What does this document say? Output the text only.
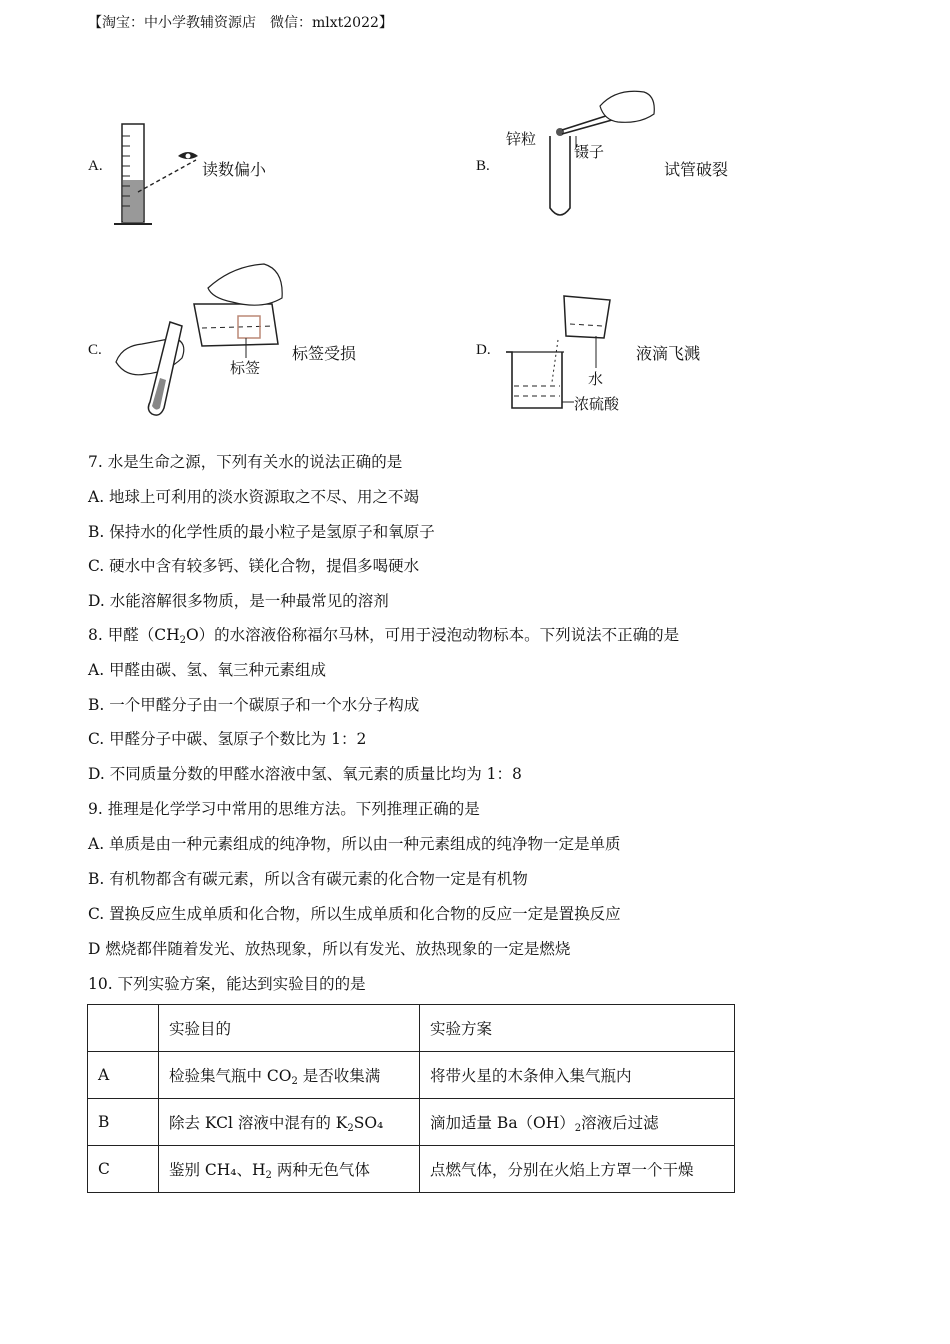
【淘宝：中小学教辅资源店　微信：mlxt2022】
A.	读数偏小	B.
锌粒
镊子
试管破裂
C.
标签
标签受损	D.
水
浓硫酸
液滴飞溅
7. 水是生命之源，下列有关水的说法正确的是
A. 地球上可利用的淡水资源取之不尽、用之不竭
B. 保持水的化学性质的最小粒子是氢原子和氧原子
C. 硬水中含有较多钙、镁化合物，提倡多喝硬水
D. 水能溶解很多物质，是一种最常见的溶剂
8. 甲醛（CH2O）的水溶液俗称福尔马林，可用于浸泡动物标本。下列说法不正确的是
A. 甲醛由碳、氢、氧三种元素组成
B. 一个甲醛分子由一个碳原子和一个水分子构成
C. 甲醛分子中碳、氢原子个数比为 1：2
D. 不同质量分数的甲醛水溶液中氢、氧元素的质量比均为 1：8
9. 推理是化学学习中常用的思维方法。下列推理正确的是
A. 单质是由一种元素组成的纯净物，所以由一种元素组成的纯净物一定是单质
B. 有机物都含有碳元素，所以含有碳元素的化合物一定是有机物
C. 置换反应生成单质和化合物，所以生成单质和化合物的反应一定是置换反应
D 燃烧都伴随着发光、放热现象，所以有发光、放热现象的一定是燃烧
10. 下列实验方案，能达到实验目的的是
	实验目的	实验方案
A	检验集气瓶中 CO2 是否收集满	将带火星的木条伸入集气瓶内
B	除去 KCl 溶液中混有的 K2SO₄	滴加适量 Ba（OH）2溶液后过滤
C	鉴别 CH₄、H2 两种无色气体	点燃气体，分别在火焰上方罩一个干燥
